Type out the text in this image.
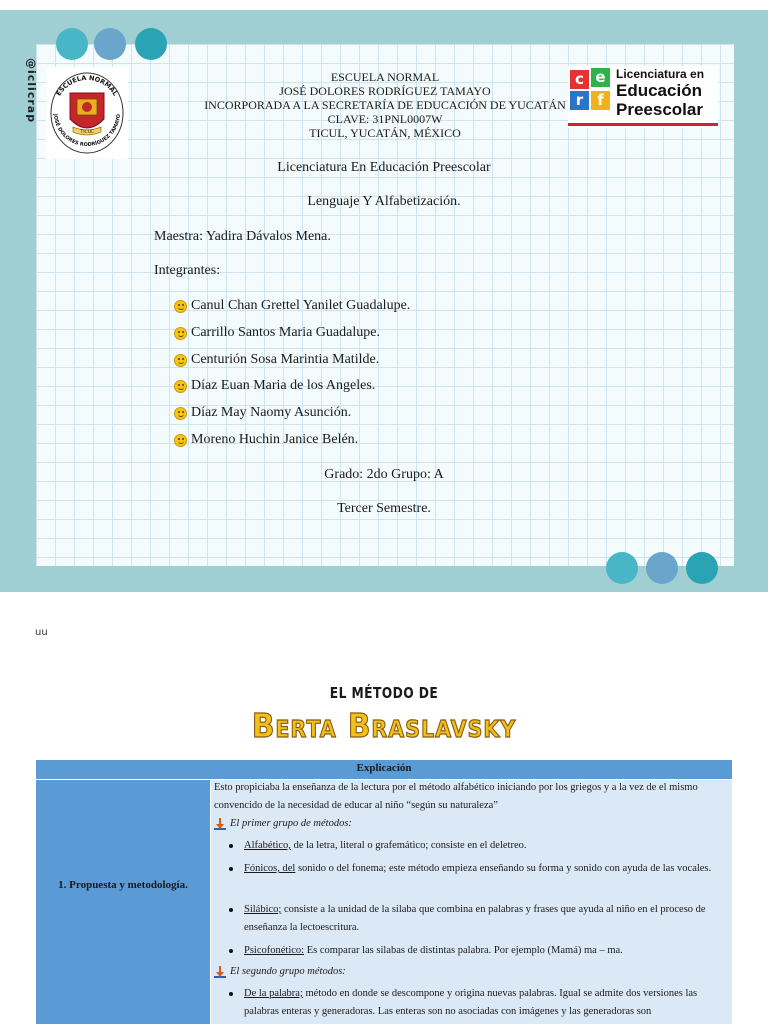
@iclicrap	ESCUELA NORMAL
JOSÉ DOLORES RODRÍGUEZ TAMAYO
TICUL
c e
r f
Licenciatura en
Educación
Preescolar
ESCUELA NORMAL
JOSÉ DOLORES RODRÍGUEZ TAMAYO
INCORPORADA A LA SECRETARÍA DE EDUCACIÓN DE YUCATÁN
CLAVE: 31PNL0007W
TICUL, YUCATÁN, MÉXICO
Licenciatura En Educación Preescolar
Lenguaje Y Alfabetización.
Maestra: Yadira Dávalos Mena.
Integrantes:
Canul Chan Grettel Yanilet Guadalupe.
Carrillo Santos Maria Guadalupe.
Centurión Sosa Marintia Matilde.
Díaz Euan Maria de los Angeles.
Díaz May Naomy Asunción.
Moreno Huchin Janice Belén.
Grado: 2do Grupo: A
Tercer Semestre.
uu
EL MÉTODO DE
Berta Braslavsky
Explicación
1. Propuesta y metodología.
Esto propiciaba la enseñanza de la lectura por el método alfabético iniciando por los griegos y a la vez de el mismo convencido de la necesidad de educar al niño “según su naturaleza”
El primer grupo de métodos:
Alfabético, de la letra, literal o grafemático; consiste en el deletreo.
Fónicos, del sonido o del fonema; este método empieza enseñando su forma y sonido con ayuda de las vocales.
Silábico; consiste a la unidad de la silaba que combina en palabras y frases que ayuda al niño en el proceso de enseñanza la lectoescritura.
Psicofonético: Es comparar las silabas de distintas palabra. Por ejemplo (Mamá) ma – ma.
El segundo grupo métodos:
De la palabra; método en donde se descompone y origina nuevas palabras. Igual se admite dos versiones las palabras enteras y generadoras. Las enteras son no asociadas con imágenes y las generadoras son
